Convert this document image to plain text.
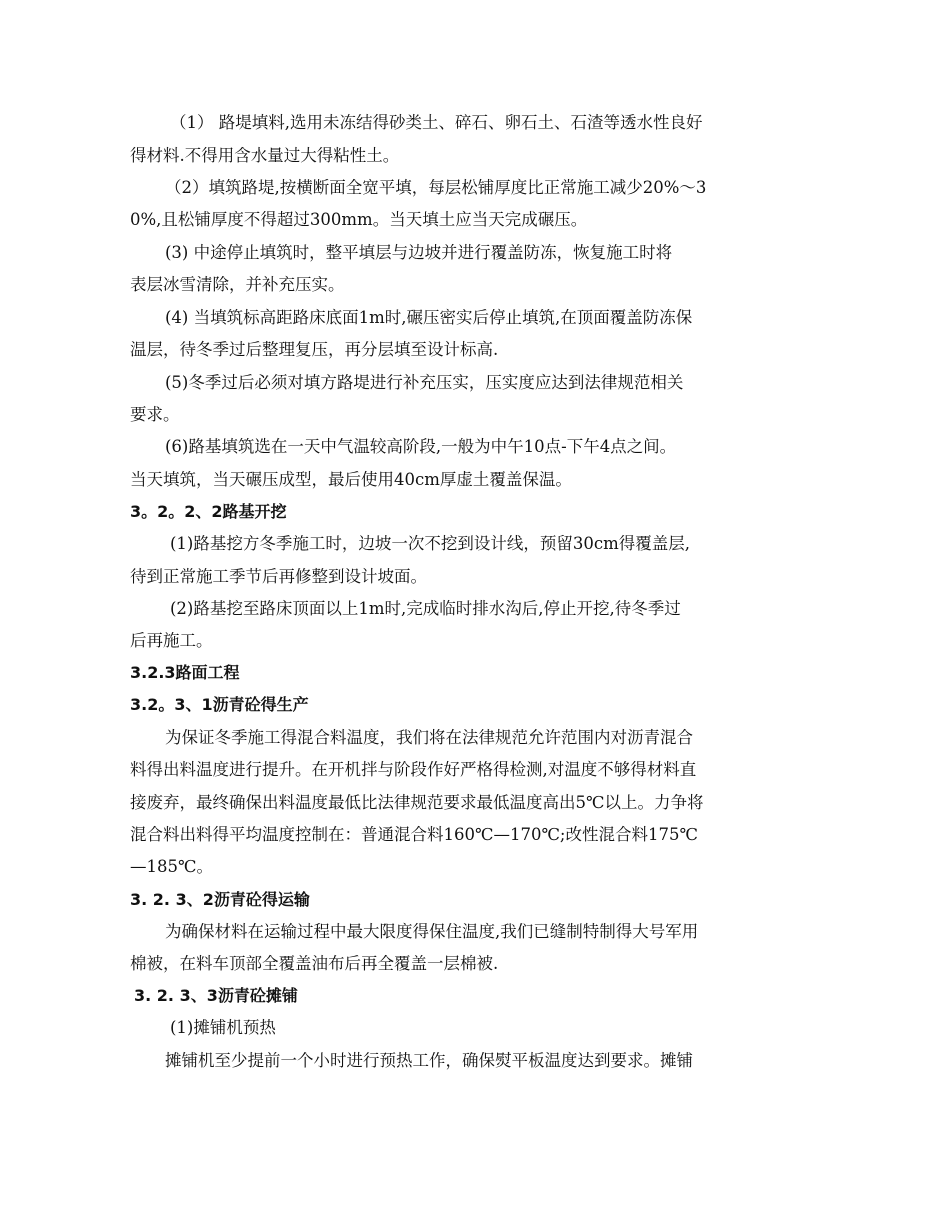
（1） 路堤填料,选用未冻结得砂类土、碎石、卵石土、石渣等透水性良好
得材料.不得用含水量过大得粘性土。
（2）填筑路堤,按横断面全宽平填，每层松铺厚度比正常施工减少20%～3
0%,且松铺厚度不得超过300mm。当天填土应当天完成碾压。
(3) 中途停止填筑时，整平填层与边坡并进行覆盖防冻，恢复施工时将
表层冰雪清除，并补充压实。
(4) 当填筑标高距路床底面1m时,碾压密实后停止填筑,在顶面覆盖防冻保
温层，待冬季过后整理复压，再分层填至设计标高.
(5)冬季过后必须对填方路堤进行补充压实，压实度应达到法律规范相关
要求。
(6)路基填筑选在一天中气温较高阶段,一般为中午10点-下午4点之间。
当天填筑，当天碾压成型，最后使用40cm厚虚土覆盖保温。
3。2。2、2路基开挖
(1)路基挖方冬季施工时，边坡一次不挖到设计线，预留30cm得覆盖层,
待到正常施工季节后再修整到设计坡面。
(2)路基挖至路床顶面以上1m时,完成临时排水沟后,停止开挖,待冬季过
后再施工。
3.2.3路面工程
3.2。3、1沥青砼得生产
为保证冬季施工得混合料温度，我们将在法律规范允许范围内对沥青混合
料得出料温度进行提升。在开机拌与阶段作好严格得检测,对温度不够得材料直
接废弃，最终确保出料温度最低比法律规范要求最低温度高出5℃以上。力争将
混合料出料得平均温度控制在：普通混合料160℃—170℃;改性混合料175℃
—185℃。
3. 2. 3、2沥青砼得运输
为确保材料在运输过程中最大限度得保住温度,我们已缝制特制得大号军用
棉被，在料车顶部全覆盖油布后再全覆盖一层棉被.
3. 2. 3、3沥青砼摊铺
(1)摊铺机预热
摊铺机至少提前一个小时进行预热工作，确保熨平板温度达到要求。摊铺
